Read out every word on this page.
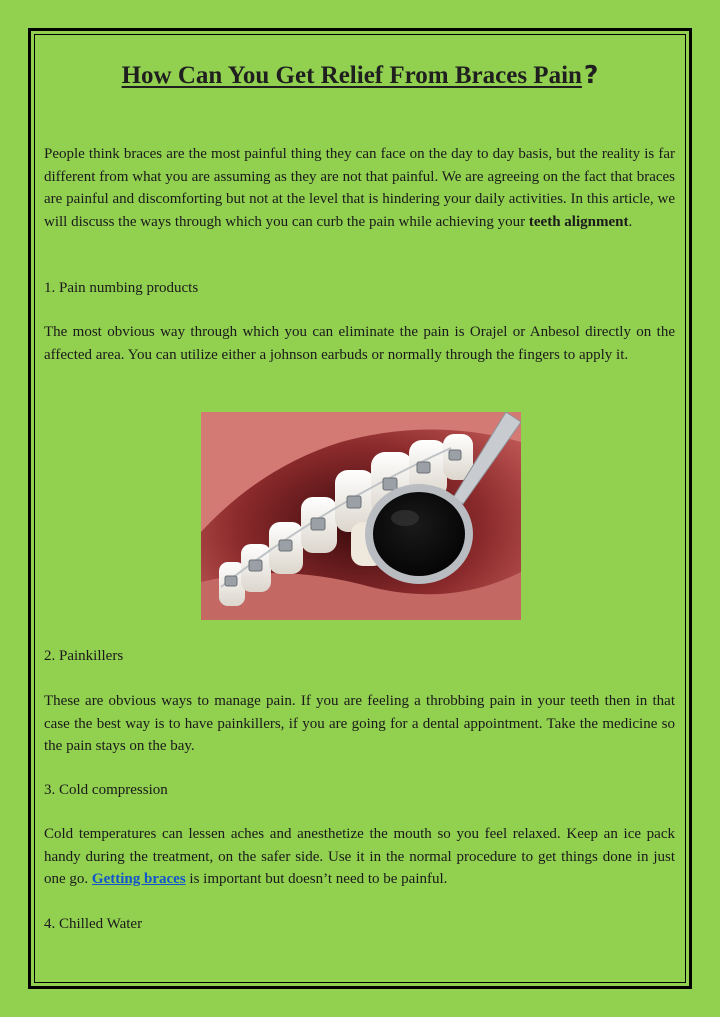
How Can You Get Relief From Braces Pain?

People think braces are the most painful thing they can face on the day to day basis, but the reality is far different from what you are assuming as they are not that painful. We are agreeing on the fact that braces are painful and discomforting but not at the level that is hindering your daily activities. In this article, we will discuss the ways through which you can curb the pain while achieving your teeth alignment.

1. Pain numbing products

The most obvious way through which you can eliminate the pain is Orajel or Anbesol directly on the affected area. You can utilize either a johnson earbuds or normally through the fingers to apply it.

2. Painkillers

These are obvious ways to manage pain. If you are feeling a throbbing pain in your teeth then in that case the best way is to have painkillers, if you are going for a dental appointment. Take the medicine so the pain stays on the bay.

3. Cold compression

Cold temperatures can lessen aches and anesthetize the mouth so you feel relaxed. Keep an ice pack handy during the treatment, on the safer side. Use it in the normal procedure to get things done in just one go. Getting braces is important but doesn’t need to be painful.

4. Chilled Water
